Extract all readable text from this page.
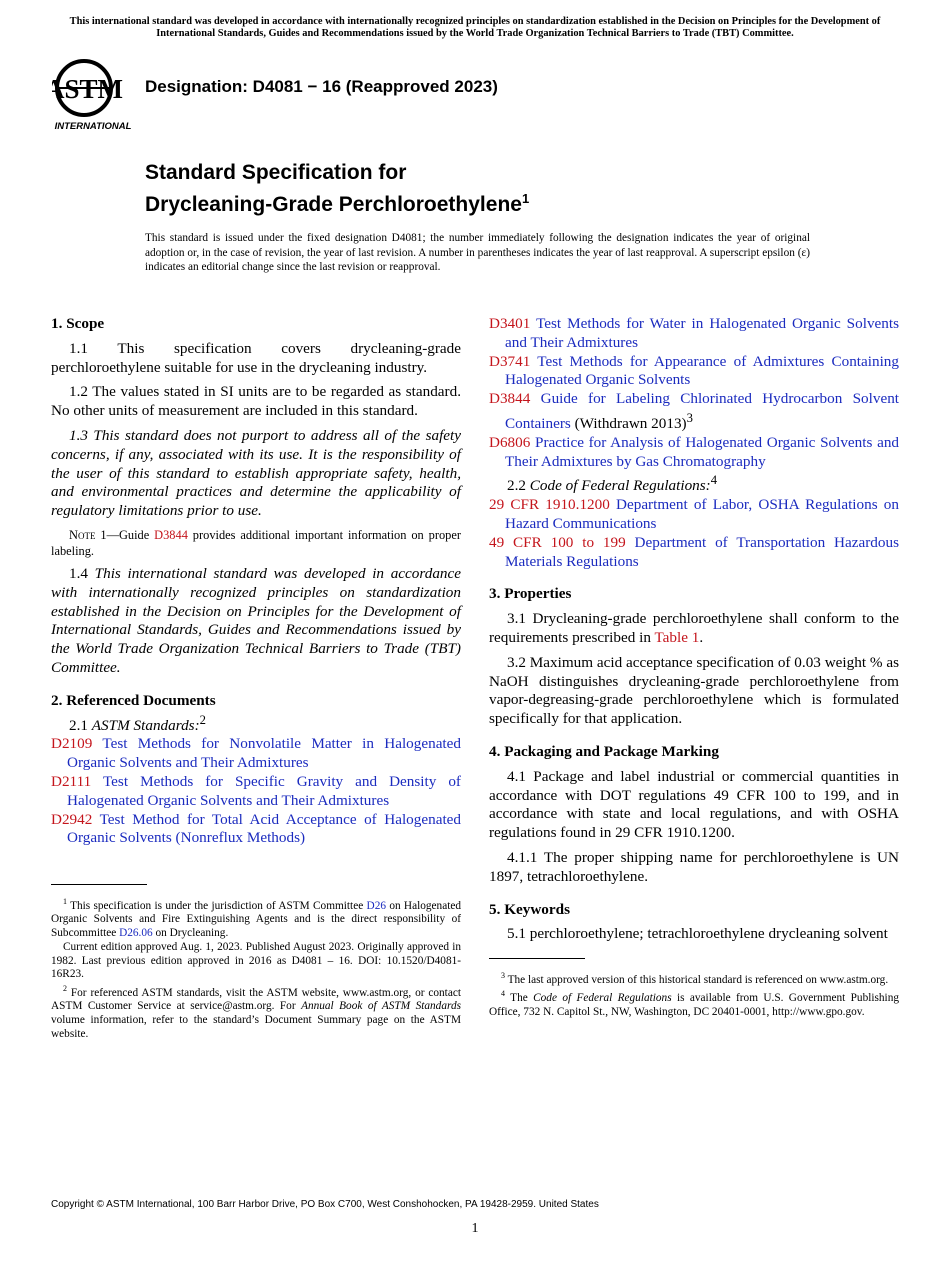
This international standard was developed in accordance with internationally recognized principles on standardization established in the Decision on Principles for the Development of International Standards, Guides and Recommendations issued by the World Trade Organization Technical Barriers to Trade (TBT) Committee.
ASTM
INTERNATIONAL
Designation: D4081 − 16 (Reapproved 2023)
Standard Specification for
Drycleaning-Grade Perchloroethylene$^1$
This standard is issued under the fixed designation D4081; the number immediately following the designation indicates the year of original adoption or, in the case of revision, the year of last revision. A number in parentheses indicates the year of last reapproval. A superscript epsilon (ε) indicates an editorial change since the last revision or reapproval.
1. Scope

1.1 This specification covers drycleaning-grade perchloroethylene suitable for use in the drycleaning industry.

1.2 The values stated in SI units are to be regarded as standard. No other units of measurement are included in this standard.

1.3 This standard does not purport to address all of the safety concerns, if any, associated with its use. It is the responsibility of the user of this standard to establish appropriate safety, health, and environmental practices and determine the applicability of regulatory limitations prior to use.

Note 1—Guide D3844 provides additional important information on proper labeling.

1.4 This international standard was developed in accordance with internationally recognized principles on standardization established in the Decision on Principles for the Development of International Standards, Guides and Recommendations issued by the World Trade Organization Technical Barriers to Trade (TBT) Committee.

2. Referenced Documents

2.1 ASTM Standards:$^2$

D2109 Test Methods for Nonvolatile Matter in Halogenated Organic Solvents and Their Admixtures

D2111 Test Methods for Specific Gravity and Density of Halogenated Organic Solvents and Their Admixtures

D2942 Test Method for Total Acid Acceptance of Halogenated Organic Solvents (Nonreflux Methods)

$^1$ This specification is under the jurisdiction of ASTM Committee D26 on Halogenated Organic Solvents and Fire Extinguishing Agents and is the direct responsibility of Subcommittee D26.06 on Drycleaning.

Current edition approved Aug. 1, 2023. Published August 2023. Originally approved in 1982. Last previous edition approved in 2016 as D4081 – 16. DOI: 10.1520/D4081-16R23.

$^2$ For referenced ASTM standards, visit the ASTM website, www.astm.org, or contact ASTM Customer Service at service@astm.org. For Annual Book of ASTM Standards volume information, refer to the standard’s Document Summary page on the ASTM website.

D3401 Test Methods for Water in Halogenated Organic Solvents and Their Admixtures

D3741 Test Methods for Appearance of Admixtures Containing Halogenated Organic Solvents

D3844 Guide for Labeling Chlorinated Hydrocarbon Solvent Containers (Withdrawn 2013)$^3$

D6806 Practice for Analysis of Halogenated Organic Solvents and Their Admixtures by Gas Chromatography

2.2 Code of Federal Regulations:$^4$

29 CFR 1910.1200 Department of Labor, OSHA Regulations on Hazard Communications

49 CFR 100 to 199 Department of Transportation Hazardous Materials Regulations

3. Properties

3.1 Drycleaning-grade perchloroethylene shall conform to the requirements prescribed in Table 1.

3.2 Maximum acid acceptance specification of 0.03 weight % as NaOH distinguishes drycleaning-grade perchloroethylene from vapor-degreasing-grade perchloroethylene which is formulated specifically for that application.

4. Packaging and Package Marking

4.1 Package and label industrial or commercial quantities in accordance with DOT regulations 49 CFR 100 to 199, and in accordance with state and local regulations, and with OSHA regulations found in 29 CFR 1910.1200.

4.1.1 The proper shipping name for perchloroethylene is UN 1897, tetrachloroethylene.

5. Keywords

5.1 perchloroethylene; tetrachloroethylene drycleaning solvent

$^3$ The last approved version of this historical standard is referenced on www.astm.org.

$^4$ The Code of Federal Regulations is available from U.S. Government Publishing Office, 732 N. Capitol St., NW, Washington, DC 20401-0001, http://www.gpo.gov.

Copyright © ASTM International, 100 Barr Harbor Drive, PO Box C700, West Conshohocken, PA 19428-2959. United States
1
